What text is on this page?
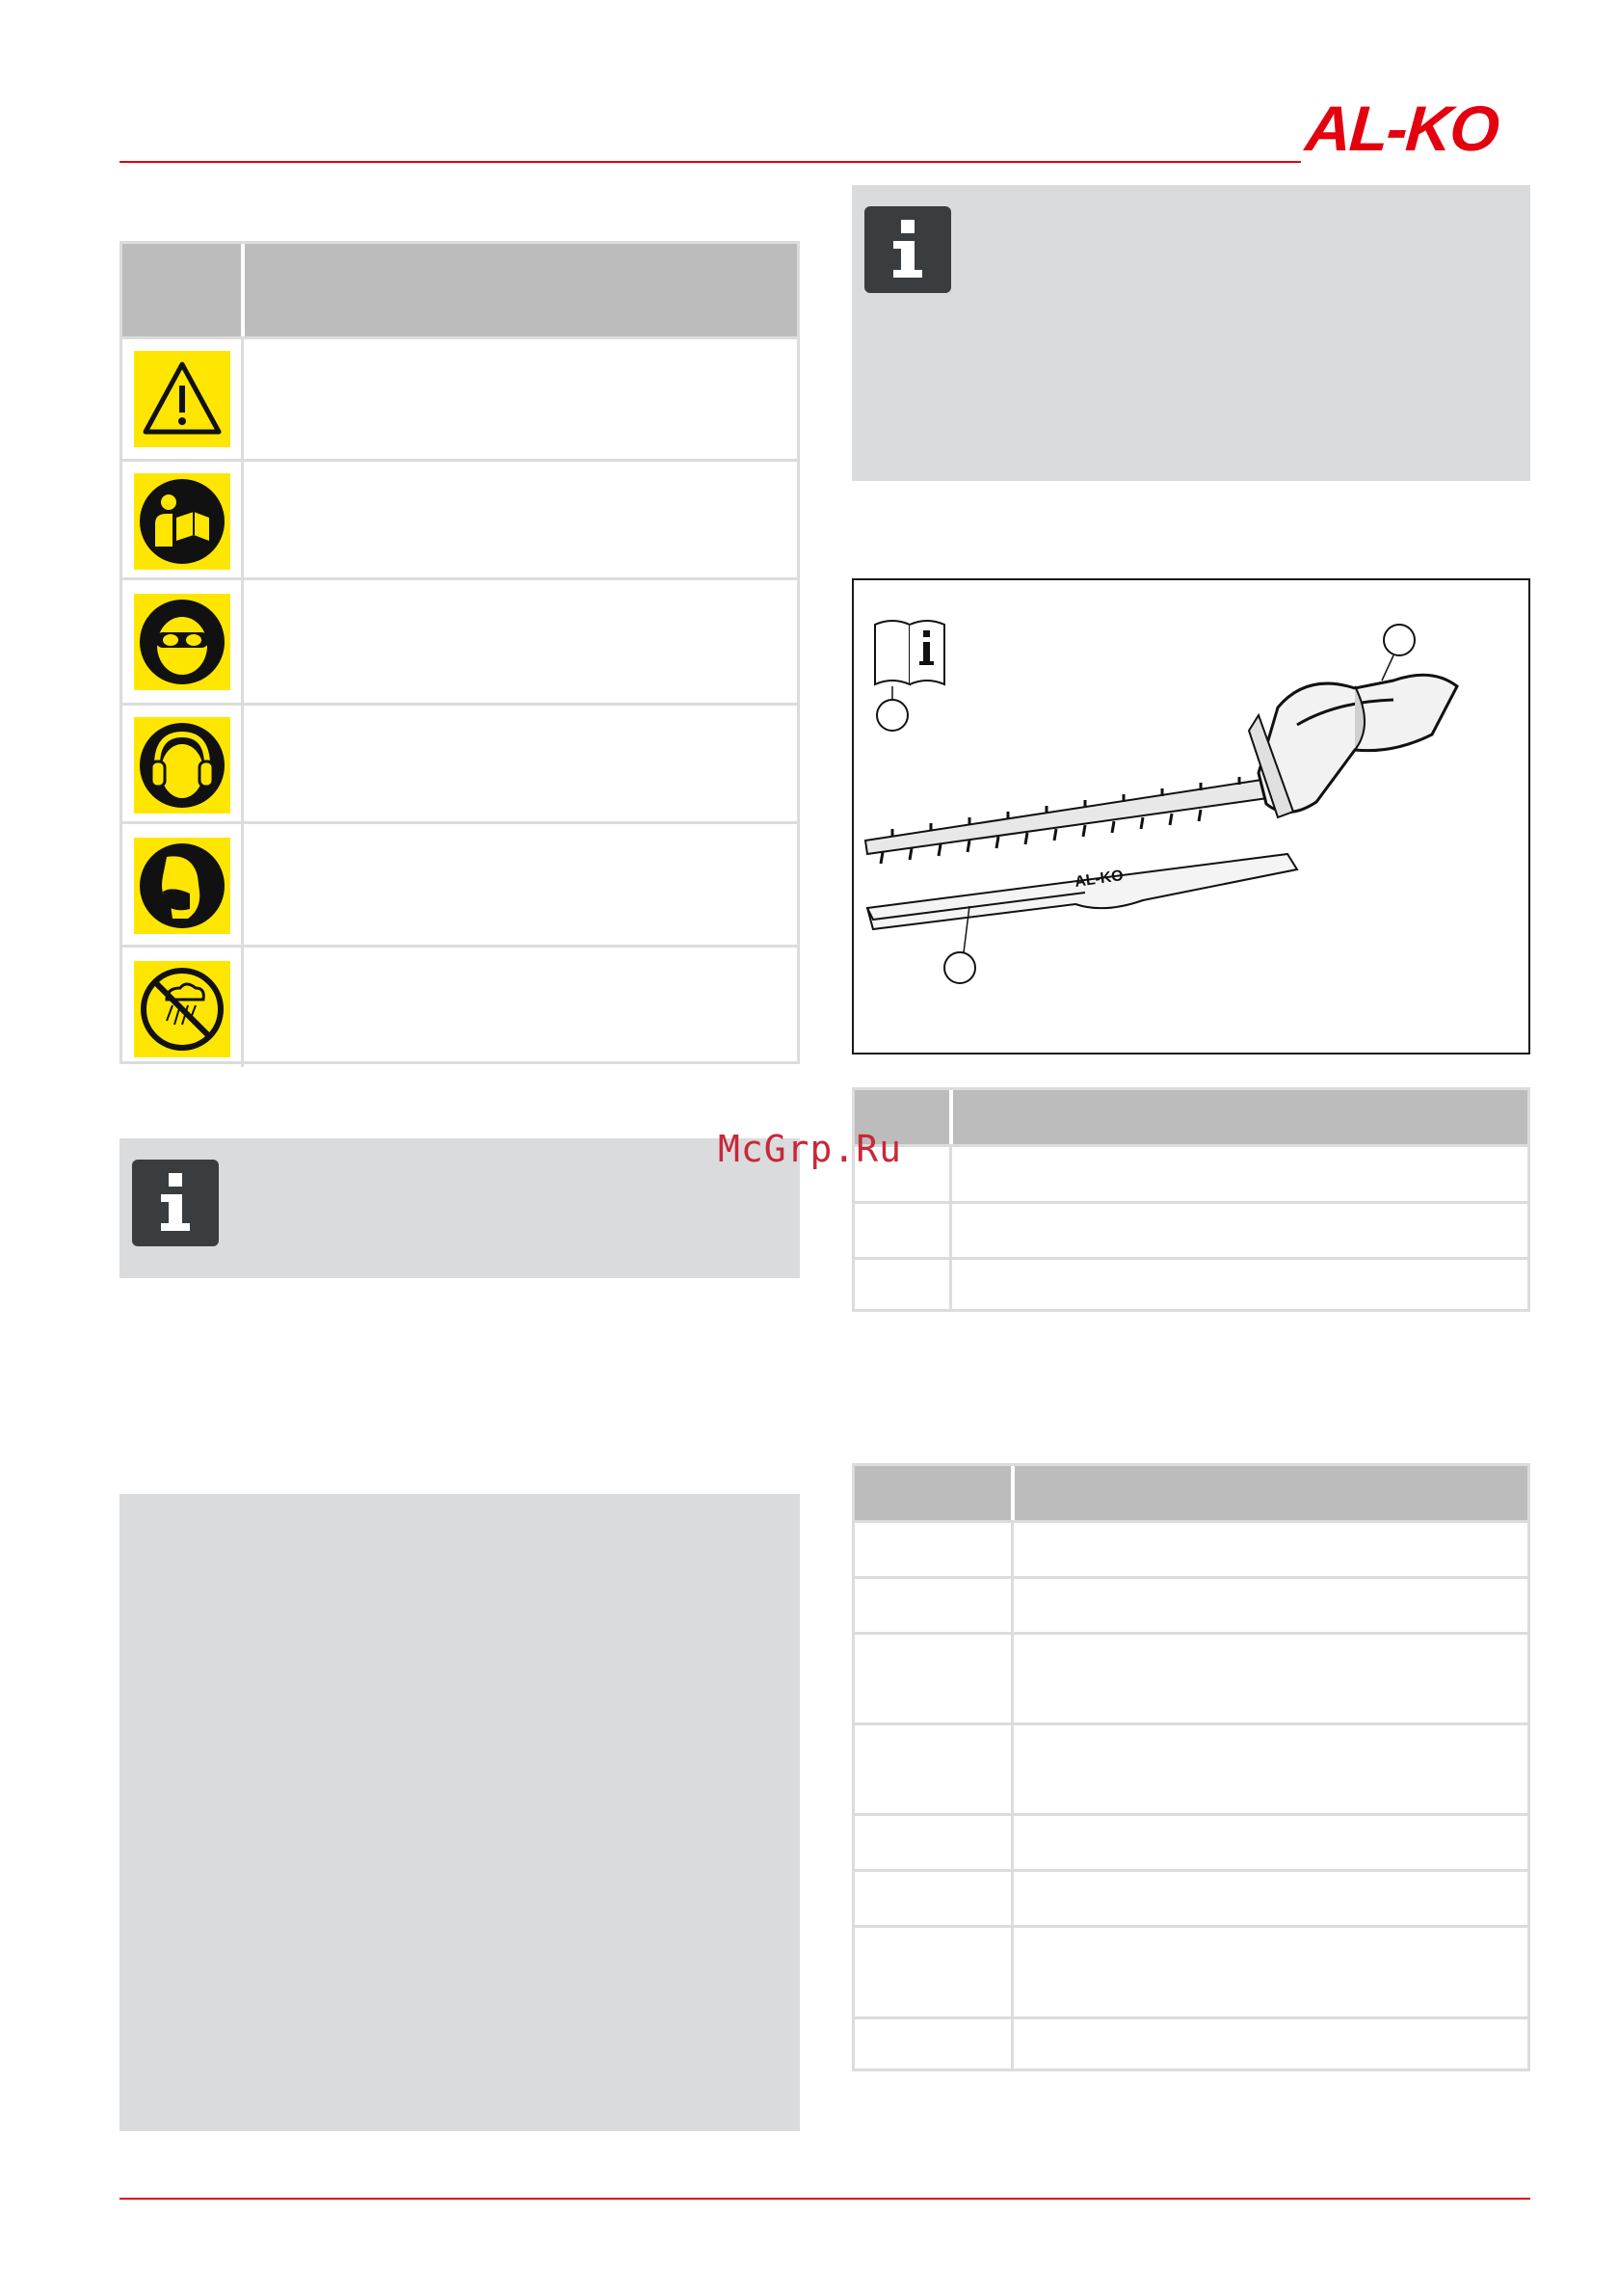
AL-KO
AL-KO
McGrp.Ru
